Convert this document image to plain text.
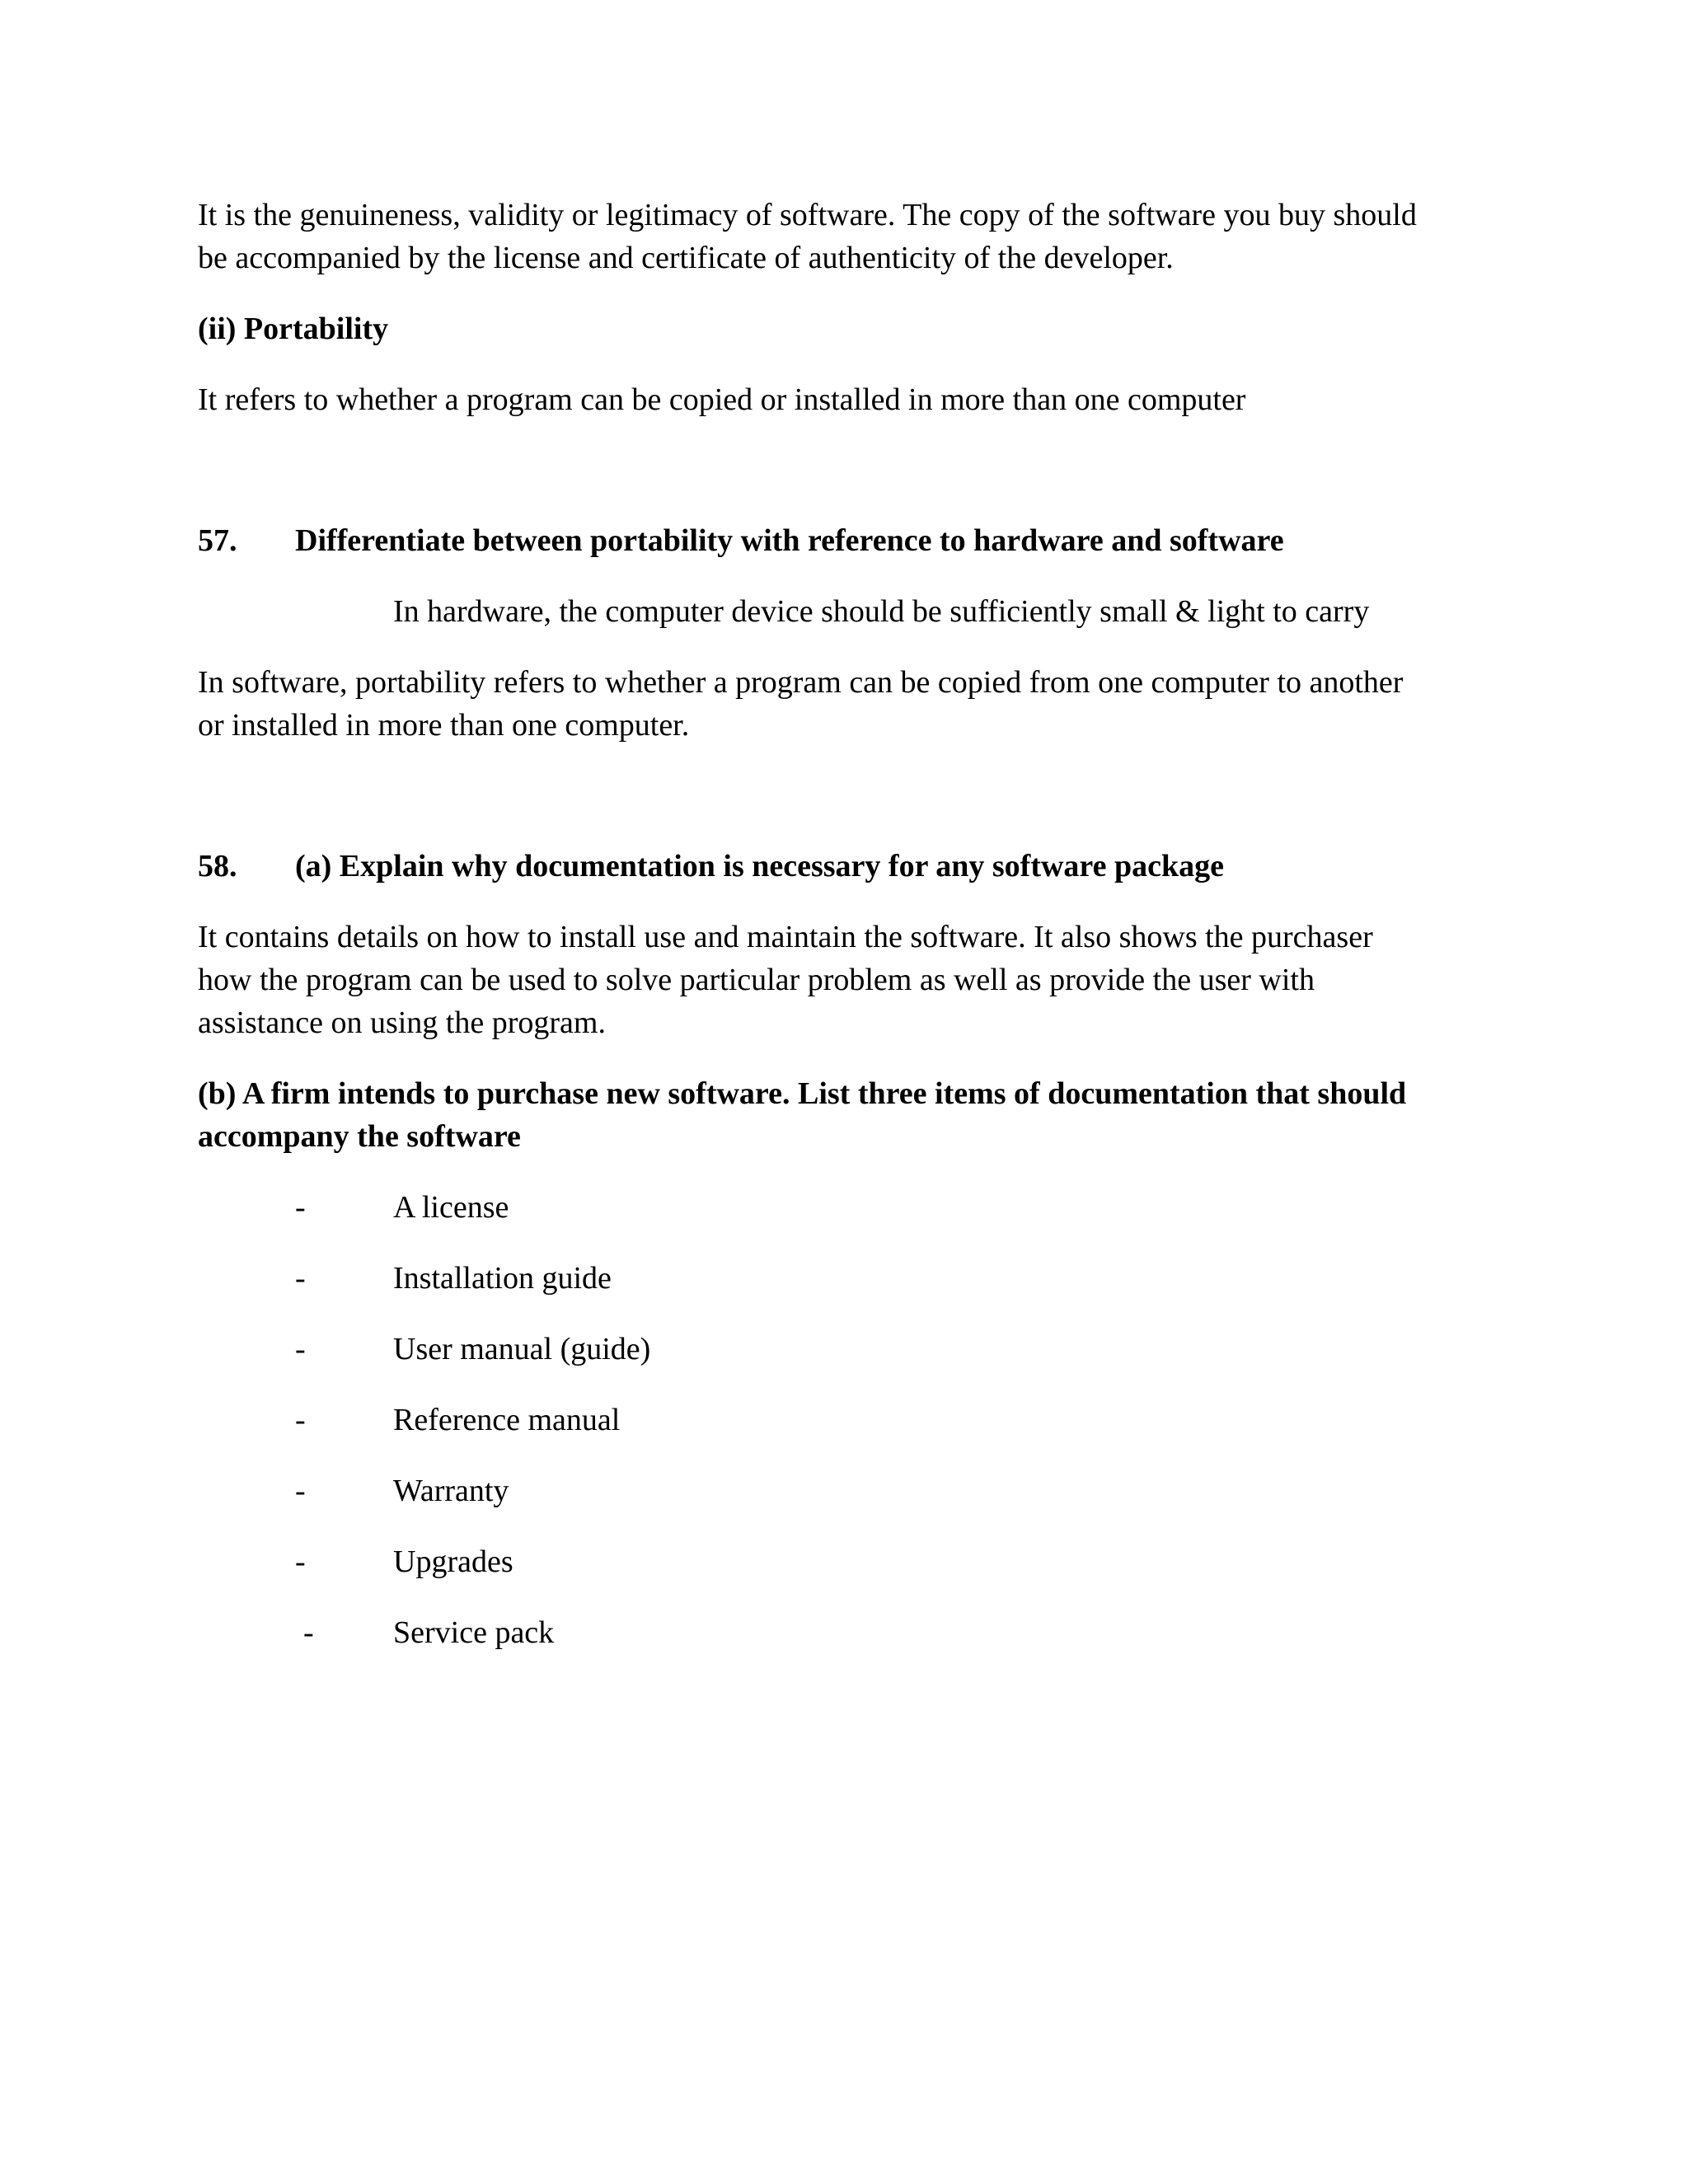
It is the genuineness, validity or legitimacy of software. The copy of the software you buy should
be accompanied by the license and certificate of authenticity of the developer.
(ii) Portability
It refers to whether a program can be copied or installed in more than one computer
57. Differentiate between portability with reference to hardware and software
In hardware, the computer device should be sufficiently small & light to carry
In software, portability refers to whether a program can be copied from one computer to another
or installed in more than one computer.
58. (a) Explain why documentation is necessary for any software package
It contains details on how to install use and maintain the software. It also shows the purchaser
how the program can be used to solve particular problem as well as provide the user with
assistance on using the program.
(b) A firm intends to purchase new software. List three items of documentation that should
accompany the software
-	A license
-	Installation guide
-	User manual (guide)
-	Reference manual
-	Warranty
-	Upgrades
-	Service pack
